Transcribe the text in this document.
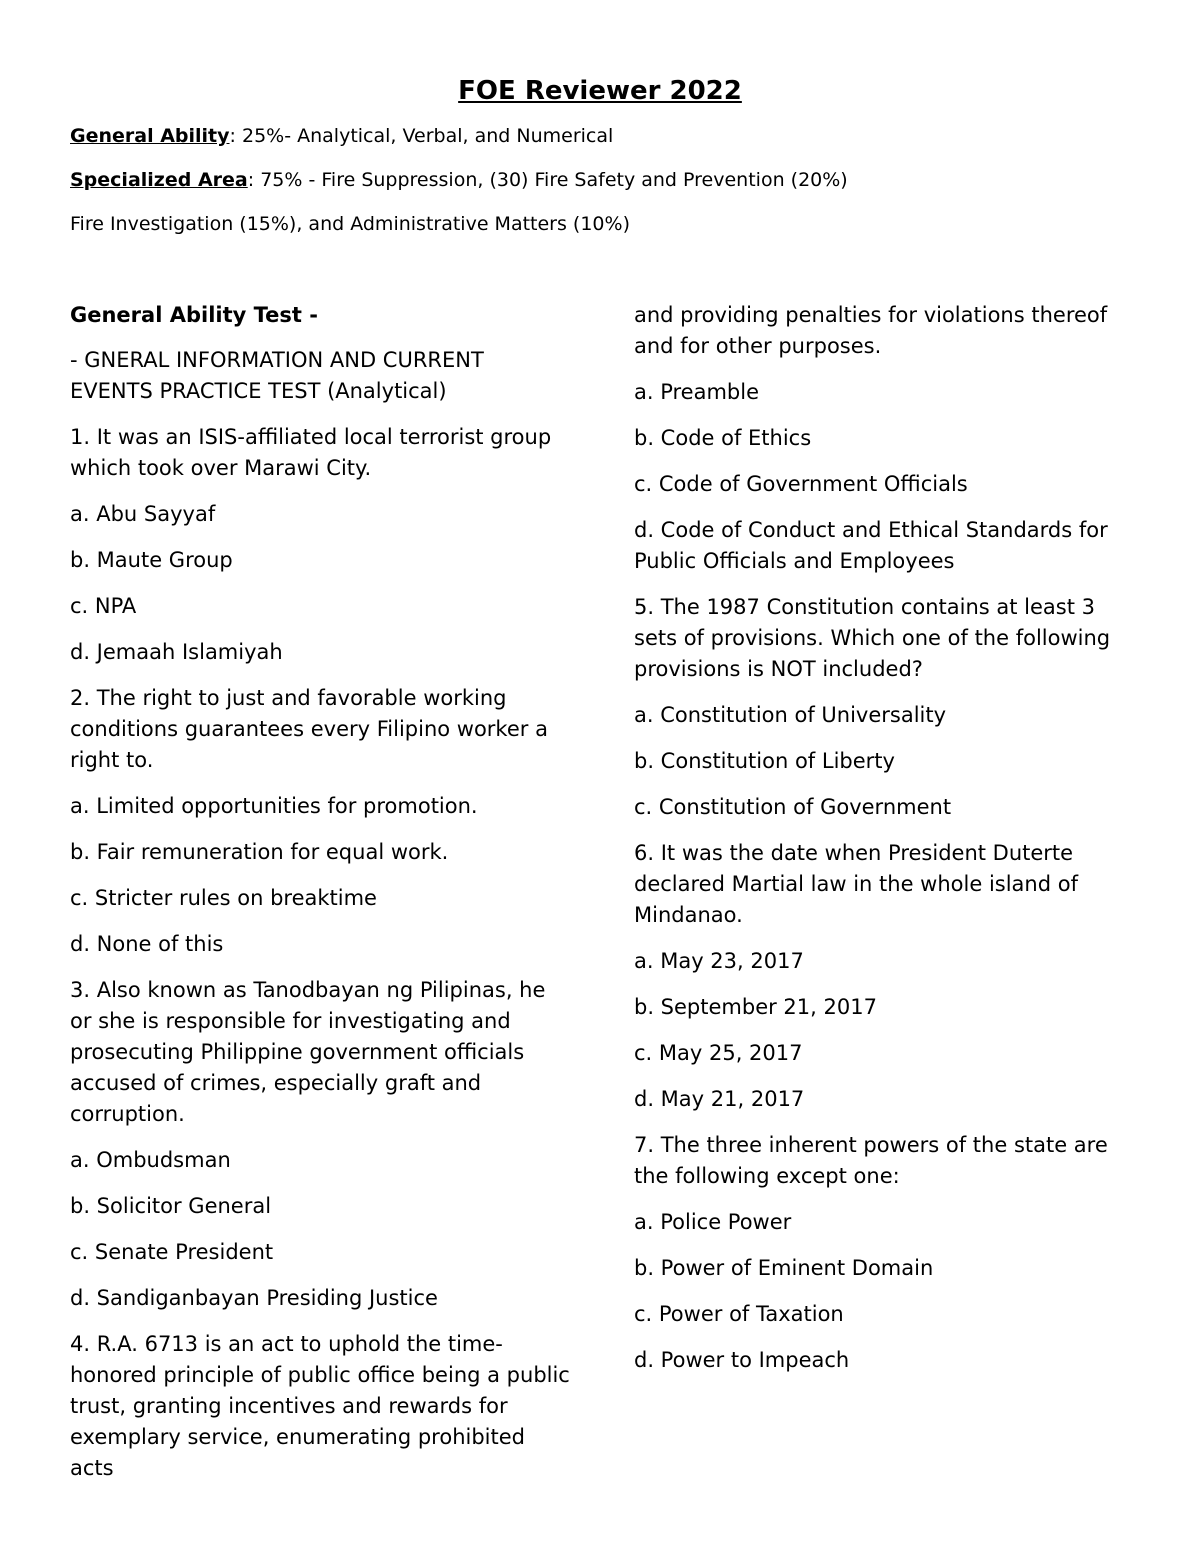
FOE Reviewer 2022

General Ability: 25%- Analytical, Verbal, and Numerical

Specialized Area: 75% - Fire Suppression, (30) Fire Safety and Prevention (20%)

Fire Investigation (15%), and Administrative Matters (10%)

General Ability Test -

- GNERAL INFORMATION AND CURRENT EVENTS PRACTICE TEST (Analytical)

1. It was an ISIS-affiliated local terrorist group which took over Marawi City.

a. Abu Sayyaf

b. Maute Group

c. NPA

d. Jemaah Islamiyah

2. The right to just and favorable working conditions guarantees every Filipino worker a right to.

a. Limited opportunities for promotion.

b. Fair remuneration for equal work.

c. Stricter rules on breaktime

d. None of this

3. Also known as Tanodbayan ng Pilipinas, he or she is responsible for investigating and prosecuting Philippine government officials accused of crimes, especially graft and corruption.

a. Ombudsman

b. Solicitor General

c. Senate President

d. Sandiganbayan Presiding Justice

4. R.A. 6713 is an act to uphold the time-honored principle of public office being a public trust, granting incentives and rewards for exemplary service, enumerating prohibited acts

and providing penalties for violations thereof and for other purposes.

a. Preamble

b. Code of Ethics

c. Code of Government Officials

d. Code of Conduct and Ethical Standards for Public Officials and Employees

5. The 1987 Constitution contains at least 3 sets of provisions. Which one of the following provisions is NOT included?

a. Constitution of Universality

b. Constitution of Liberty

c. Constitution of Government

6. It was the date when President Duterte declared Martial law in the whole island of Mindanao.

a. May 23, 2017

b. September 21, 2017

c. May 25, 2017

d. May 21, 2017

7. The three inherent powers of the state are the following except one:

a. Police Power

b. Power of Eminent Domain

c. Power of Taxation

d. Power to Impeach
